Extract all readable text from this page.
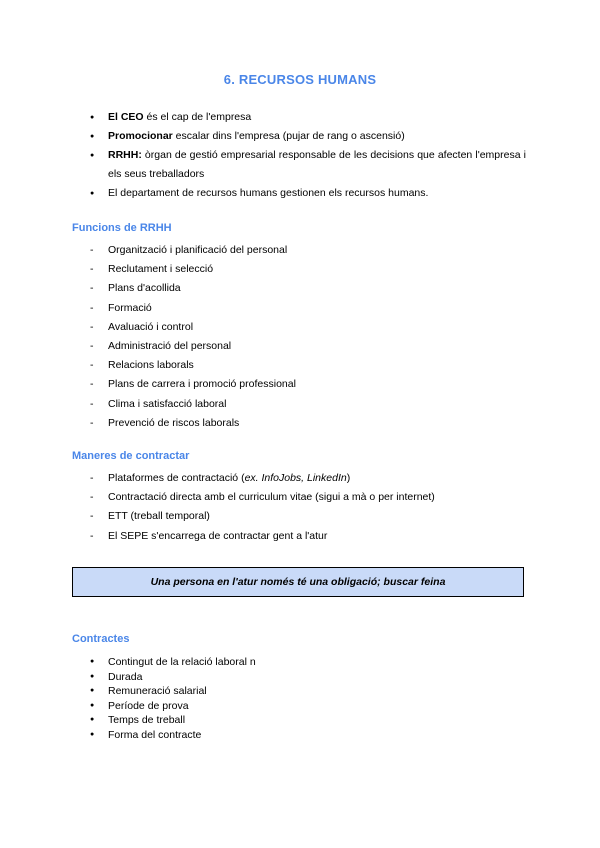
6. RECURSOS HUMANS
● El CEO és el cap de l'empresa
● Promocionar escalar dins l'empresa (pujar de rang o ascensió)
● RRHH: òrgan de gestió empresarial responsable de les decisions que afecten l'empresa i els seus treballadors
● El departament de recursos humans gestionen els recursos humans.
Funcions de RRHH
- Organització i planificació del personal
- Reclutament i selecció
- Plans d'acollida
- Formació
- Avaluació i control
- Administració del personal
- Relacions laborals
- Plans de carrera i promoció professional
- Clima i satisfacció laboral
- Prevenció de riscos laborals
Maneres de contractar
- Plataformes de contractació (ex. InfoJobs, LinkedIn)
- Contractació directa amb el curriculum vitae (sigui a mà o per internet)
- ETT (treball temporal)
- El SEPE s'encarrega de contractar gent a l'atur
Una persona en l'atur només té una obligació; buscar feina
Contractes
● Contingut de la relació laboral n
● Durada
● Remuneració salarial
● Període de prova
● Temps de treball
● Forma del contracte
